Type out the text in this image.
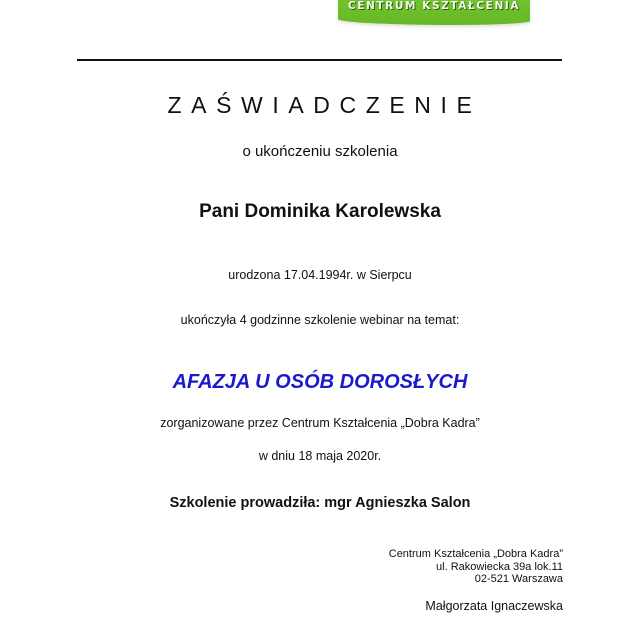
CENTRUM KSZTAŁCENIA
ZAŚWIADCZENIE
o ukończeniu szkolenia
Pani Dominika Karolewska
urodzona 17.04.1994r. w Sierpcu
ukończyła 4 godzinne szkolenie webinar na temat:
AFAZJA U OSÓB DOROSŁYCH
zorganizowane przez Centrum Kształcenia „Dobra Kadra”
w dniu 18 maja 2020r.
Szkolenie prowadziła: mgr Agnieszka Salon
Centrum Kształcenia „Dobra Kadra”
ul. Rakowiecka 39a lok.11
02-521 Warszawa
Małgorzata Ignaczewska
